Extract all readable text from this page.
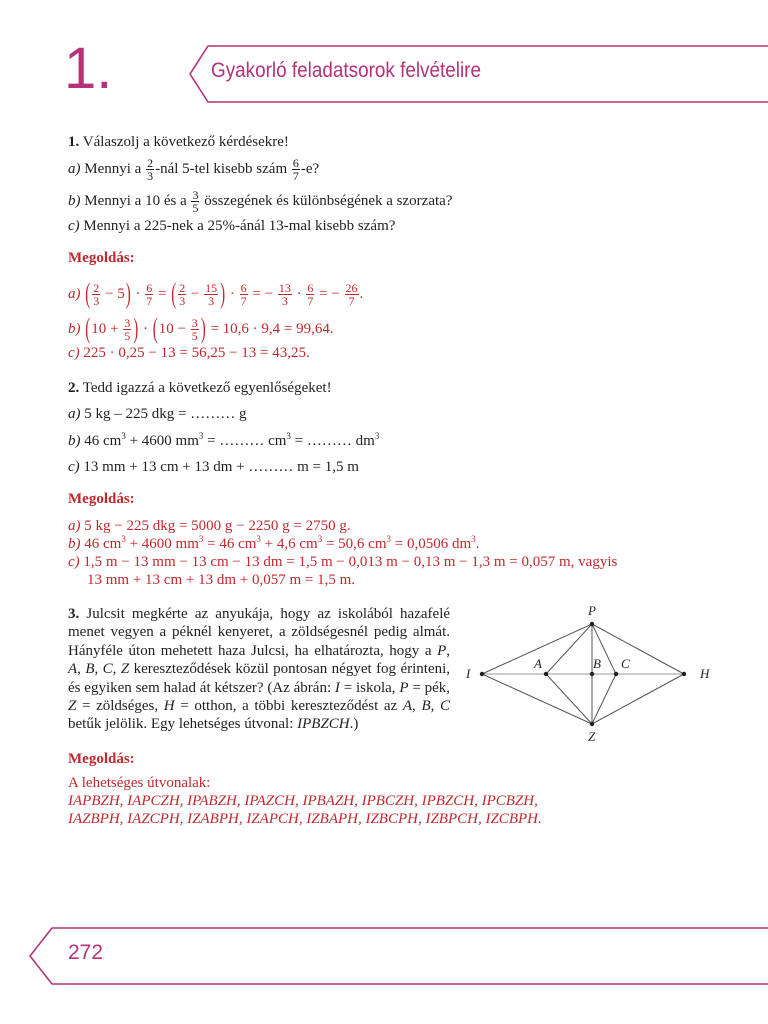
1.	Gyakorló feladatsorok felvételire
1. Válaszolj a következő kérdésekre!
a) Mennyi a $\frac{2}{3}$ -nál 5-tel kisebb szám $\frac{6}{7} -e$?
b) Mennyi a 10 és a $\frac{3}{5}$ összegének és különbségének a szorzata?
c) Mennyi a 225-nek a 25%-ánál 13-mal kisebb szám?
Megoldás:
a) ( $\frac{2}{3} - 5) \cdot \frac{6}{7}$ = ( $\frac{2}{3} - \frac{15}{3}$ ) · $\frac{6}{7}$ = − $\frac{13}{3} \cdot \frac{6}{7}$ = − $\frac{26}{7}$ .
b) ($10 + \frac{3}{5}$ ) · ($10 - \frac{3}{5}$ ) = 10,6 · 9,4 = 99,64.
c) 225 · 0,25 − 13 = 56,25 − 13 = 43,25.
2. Tedd igazzá a következő egyenlőségeket!
a) 5 kg – 225 dkg = ……… g
b) 46 $cm^3 + 4600$ $mm^3$ = ……… $cm^3$ = ……… $dm^3$
c) 13 mm + 13 cm + 13 dm + ……… m = 1,5 m
Megoldás:
a) 5 kg − 225 dkg = 5000 g − 2250 g = 2750 g.
b) 46 $cm^3 + 4600$ $mm^3 = 46$ $cm^3 + 4,6$ $cm^3 = 50,6$ $cm^3 = 0,0506$ $dm^3$.
c) 1,5 m − 13 mm − 13 cm − 13 dm = 1,5 m − 0,013 m − 0,13 m − 1,3 m = 0,057 m, vagyis
13 mm + 13 cm + 13 dm + 0,057 m = 1,5 m.
3. Julcsit megkérte az anyukája, hogy az iskolából hazafelé menet vegyen a péknél kenyeret, a zöldségesnél pedig almát. Hányféle úton mehetett haza Julcsi, ha elhatározta, hogy a P, A, B, C, Z kereszteződések közül pontosan négyet fog érinteni, és egyiken sem halad át kétszer? (Az ábrán: I = iskola, P = pék, Z = zöldséges, H = otthon, a többi kereszteződést az A, B, C betűk jelölik. Egy lehetséges útvonal: IPBZCH.)
P
A	B C
I	H
Z
Megoldás:
A lehetséges útvonalak:
IAPBZH, IAPCZH, IPABZH, IPAZCH, IPBAZH, IPBCZH, IPBZCH, IPCBZH,
IAZBPH, IAZCPH, IZABPH, IZAPCH, IZBAPH, IZBCPH, IZBPCH, IZCBPH.
272
